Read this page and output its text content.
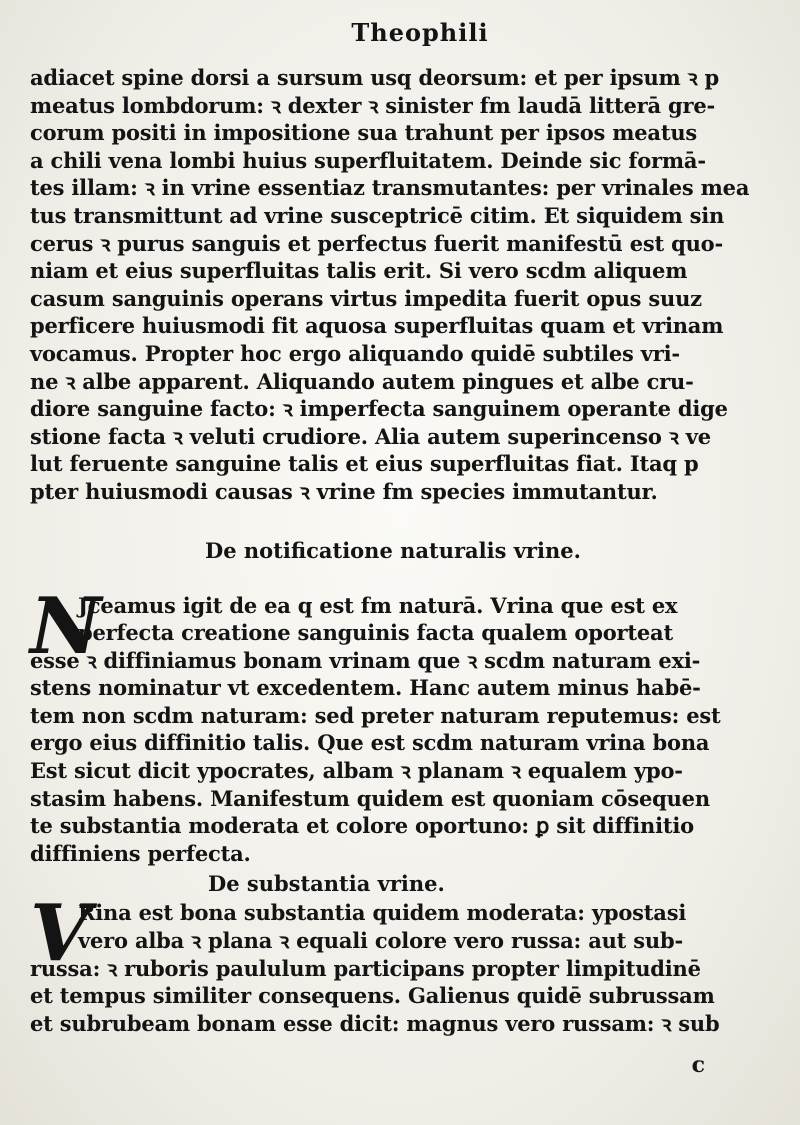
Theophili
adiacet spine dorsi a sursum usq deorsum: et per ipsum ꝛ p
meatus lombdorum: ꝛ dexter ꝛ sinister fm laudā litterā gre-
corum positi in impositione sua trahunt per ipsos meatus
a chili vena lombi huius superfluitatem. Deinde sic formā-
tes illam: ꝛ in vrine essentiaz transmutantes: per vrinales mea
tus transmittunt ad vrine susceptricē citim. Et siquidem sin
cerus ꝛ purus sanguis et perfectus fuerit manifestū est quo-
niam et eius superfluitas talis erit. Si vero scdm aliquem
casum sanguinis operans virtus impedita fuerit opus suuz
perficere huiusmodi fit aquosa superfluitas quam et vrinam
vocamus. Propter hoc ergo aliquando quidē subtiles vri-
ne ꝛ albe apparent. Aliquando autem pingues et albe cru-
diore sanguine facto: ꝛ imperfecta sanguinem operante dige
stione facta ꝛ veluti crudiore. Alia autem superincenso ꝛ ve
lut feruente sanguine talis et eius superfluitas fiat. Itaq p
pter huiusmodi causas ꝛ vrine fm species immutantur.
De notificatione naturalis vrine.
N
Jceamus igit de ea q est fm naturā. Vrina que est ex
perfecta creatione sanguinis facta qualem oporteat
esse ꝛ diffiniamus bonam vrinam que ꝛ scdm naturam exi-
stens nominatur vt excedentem. Hanc autem minus habē-
tem non scdm naturam: sed preter naturam reputemus: est
ergo eius diffinitio talis. Que est scdm naturam vrina bona
Est sicut dicit ypocrates, albam ꝛ planam ꝛ equalem ypo-
stasim habens. Manifestum quidem est quoniam cōsequen
te substantia moderata et colore oportuno: ꝑ sit diffinitio
diffiniens perfecta.
De substantia vrine.
V
Rina est bona substantia quidem moderata: ypostasi
vero alba ꝛ plana ꝛ equali colore vero russa: aut sub-
russa: ꝛ ruboris paululum participans propter limpitudinē
et tempus similiter consequens. Galienus quidē subrussam
et subrubeam bonam esse dicit: magnus vero russam: ꝛ sub
c
